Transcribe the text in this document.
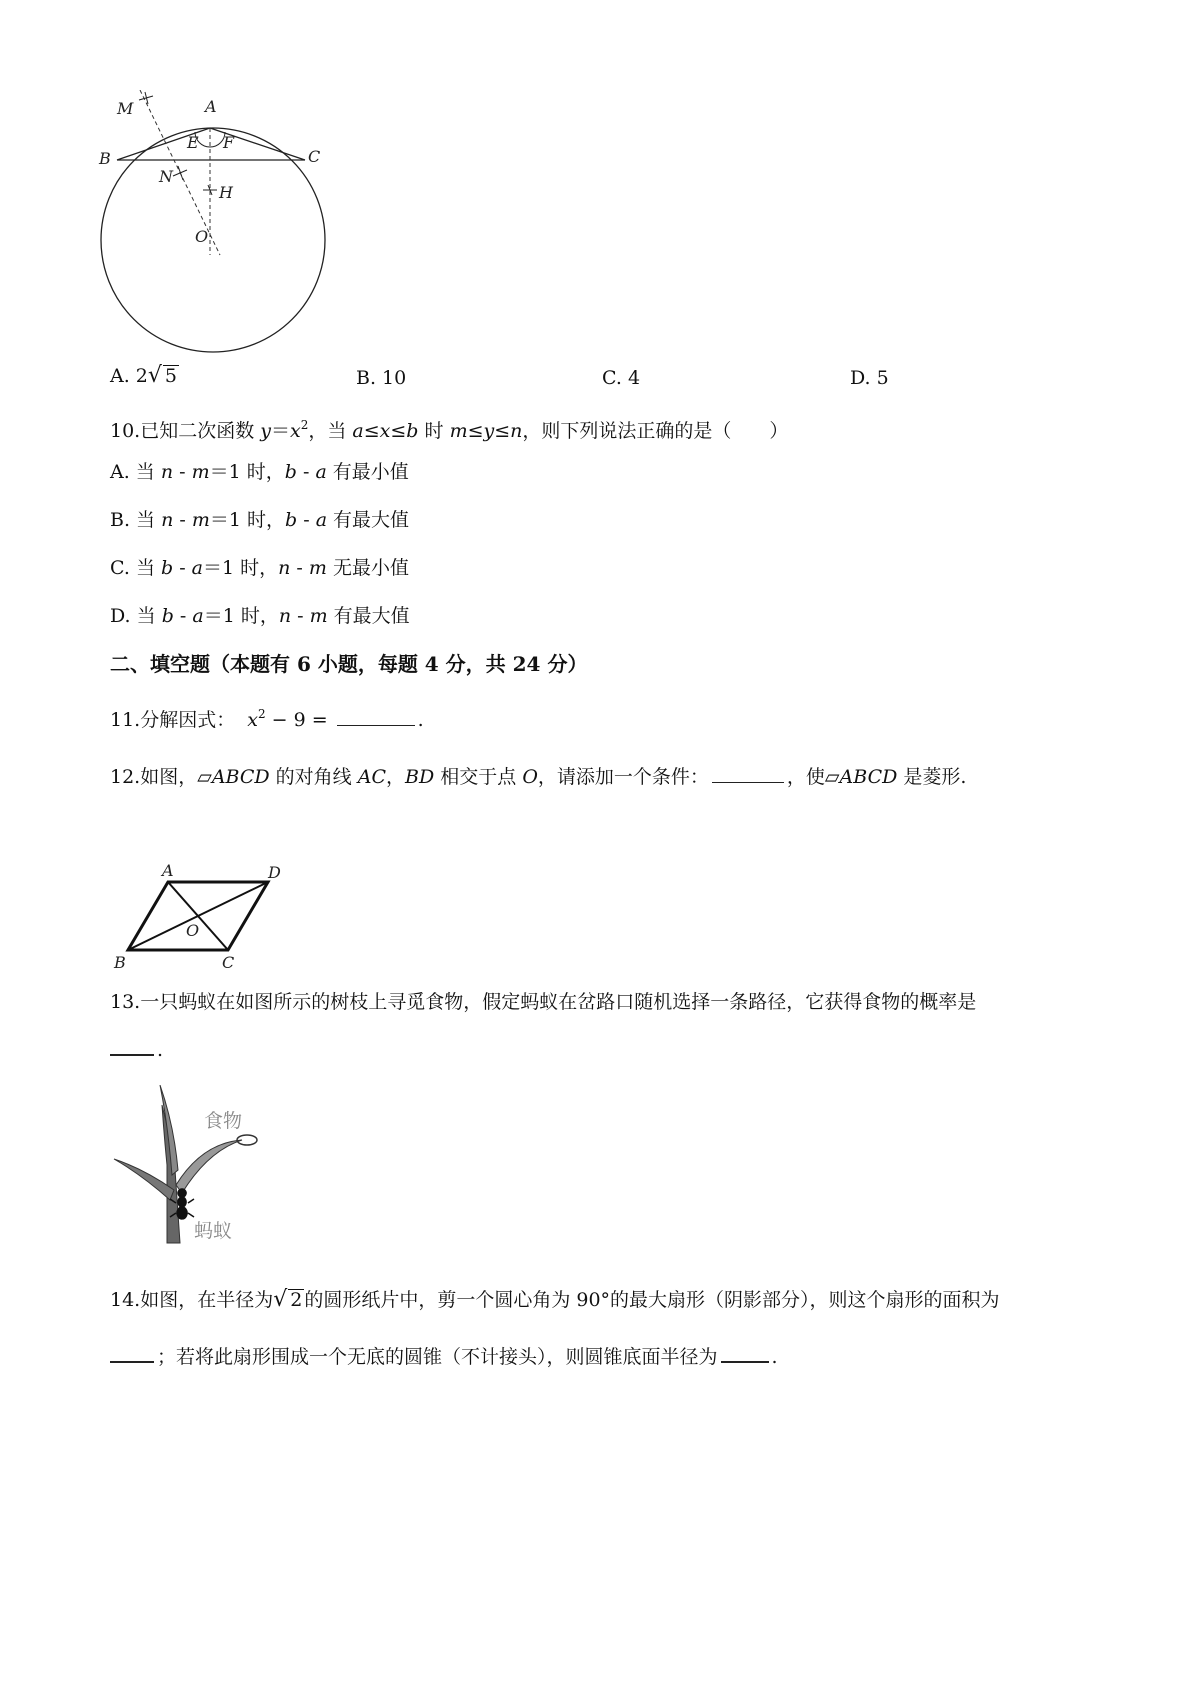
M	A
E F
B	C
N
H
O
A. 2√ 5	B. 10	C. 4	D. 5
10.已知二次函数 $y=x^2$，当 a≤x≤b 时 m≤y≤n，则下列说法正确的是（　　）
A. 当 n - m＝1 时，b - a 有最小值
B. 当 n - m＝1 时，b - a 有最大值
C. 当 b - a＝1 时，n - m 无最小值
D. 当 b - a＝1 时，n - m 有最大值
二、填空题（本题有 6 小题，每题 4 分，共 24 分）
11.分解因式： $x^2 - 9$ =	.
12.如图，▱ABCD 的对角线 AC，BD 相交于点 O，请添加一个条件：	，使▱ABCD 是菱形.
A	D
O
B	C
13.一只蚂蚁在如图所示的树枝上寻觅食物，假定蚂蚁在岔路口随机选择一条路径，它获得食物的概率是
.
食物
蚂蚁
14.如图，在半径为√ 2 的圆形纸片中，剪一个圆心角为 90°的最大扇形（阴影部分），则这个扇形的面积为
；若将此扇形围成一个无底的圆锥（不计接头），则圆锥底面半径为	.
